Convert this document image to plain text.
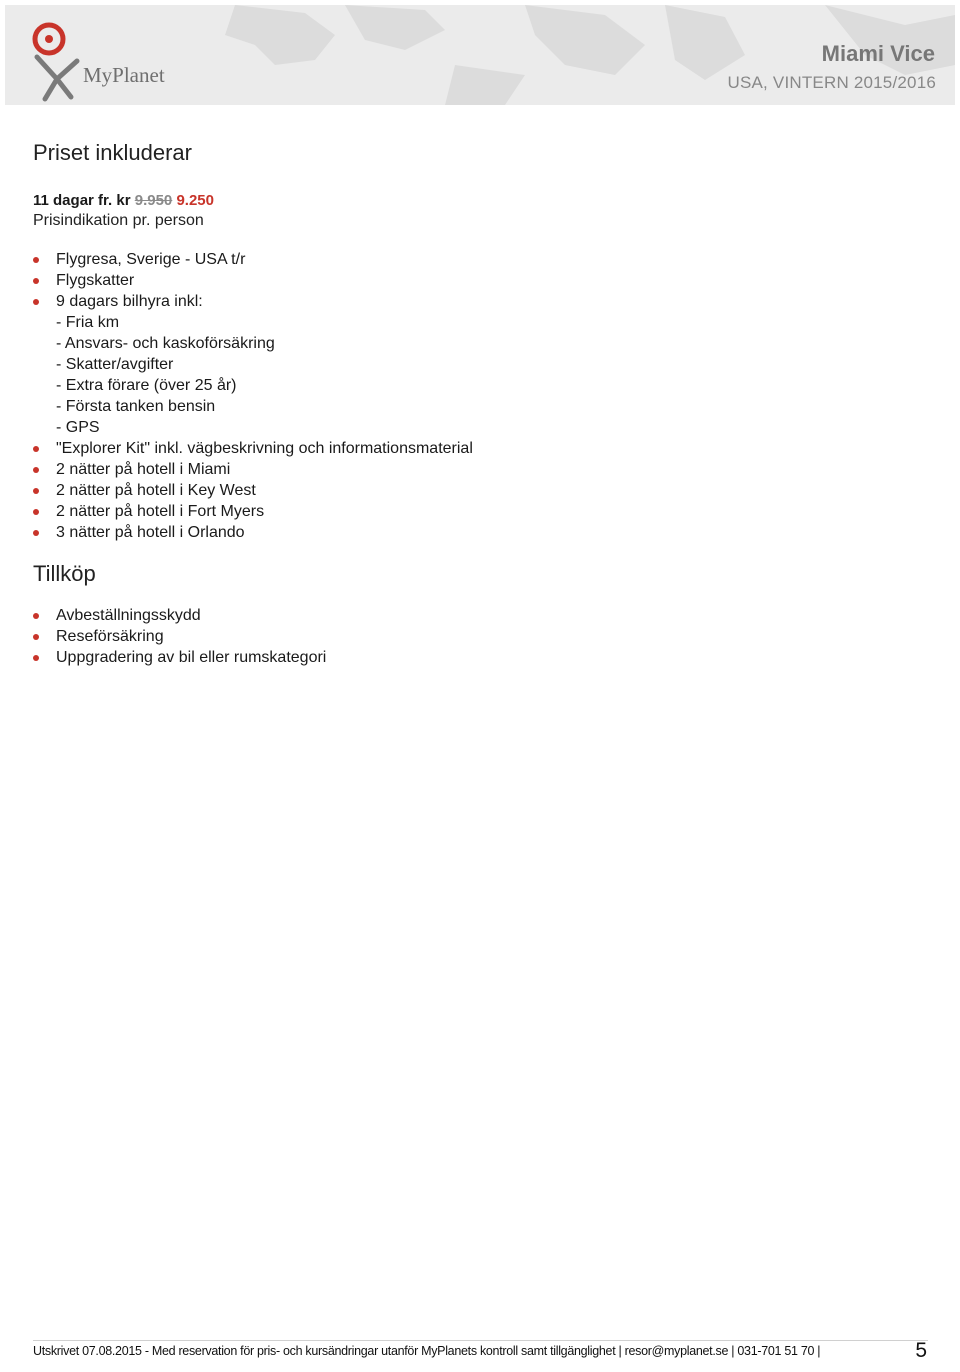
MyPlanet
Miami Vice
USA, VINTERN 2015/2016
Priset inkluderar
11 dagar fr. kr 9.950 9.250
Prisindikation pr. person
Flygresa, Sverige - USA t/r
Flygskatter
9 dagars bilhyra inkl:
- Fria km
- Ansvars- och kaskoförsäkring
- Skatter/avgifter
- Extra förare (över 25 år)
- Första tanken bensin
- GPS
"Explorer Kit" inkl. vägbeskrivning och informationsmaterial
2 nätter på hotell i Miami
2 nätter på hotell i Key West
2 nätter på hotell i Fort Myers
3 nätter på hotell i Orlando
Tillköp
Avbeställningsskydd
Reseförsäkring
Uppgradering av bil eller rumskategori
Utskrivet 07.08.2015 - Med reservation för pris- och kursändringar utanför MyPlanets kontroll samt tillgänglighet | resor@myplanet.se | 031-701 51 70 |	5
